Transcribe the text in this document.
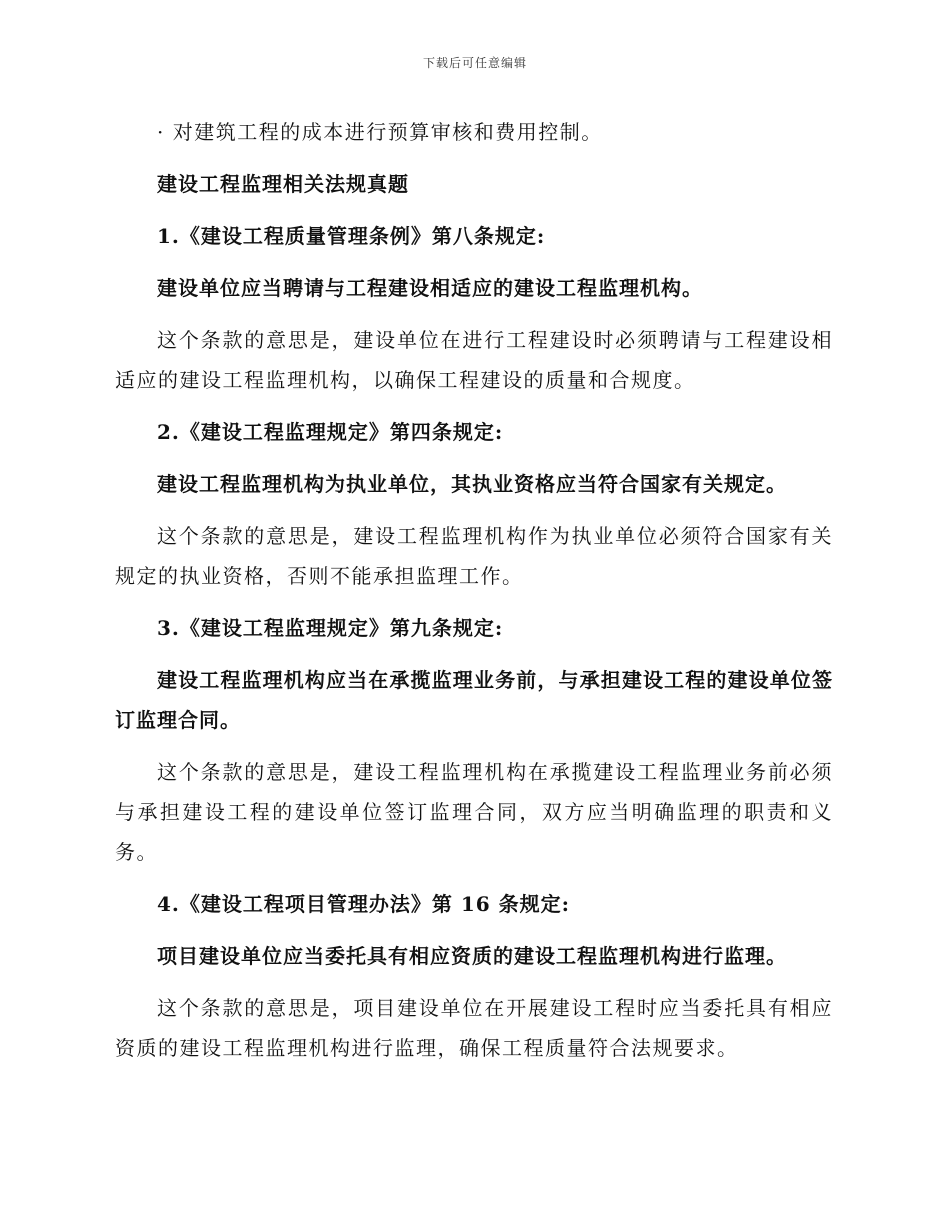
下载后可任意编辑

· 对建筑工程的成本进行预算审核和费用控制。

建设工程监理相关法规真题

1.《建设工程质量管理条例》第八条规定:

建设单位应当聘请与工程建设相适应的建设工程监理机构。

这个条款的意思是，建设单位在进行工程建设时必须聘请与工程建设相适应的建设工程监理机构，以确保工程建设的质量和合规度。

2.《建设工程监理规定》第四条规定:

建设工程监理机构为执业单位，其执业资格应当符合国家有关规定。

这个条款的意思是，建设工程监理机构作为执业单位必须符合国家有关规定的执业资格，否则不能承担监理工作。

3.《建设工程监理规定》第九条规定:

建设工程监理机构应当在承揽监理业务前，与承担建设工程的建设单位签订监理合同。

这个条款的意思是，建设工程监理机构在承揽建设工程监理业务前必须与承担建设工程的建设单位签订监理合同，双方应当明确监理的职责和义务。

4.《建设工程项目管理办法》第 16 条规定:

项目建设单位应当委托具有相应资质的建设工程监理机构进行监理。

这个条款的意思是，项目建设单位在开展建设工程时应当委托具有相应资质的建设工程监理机构进行监理，确保工程质量符合法规要求。
